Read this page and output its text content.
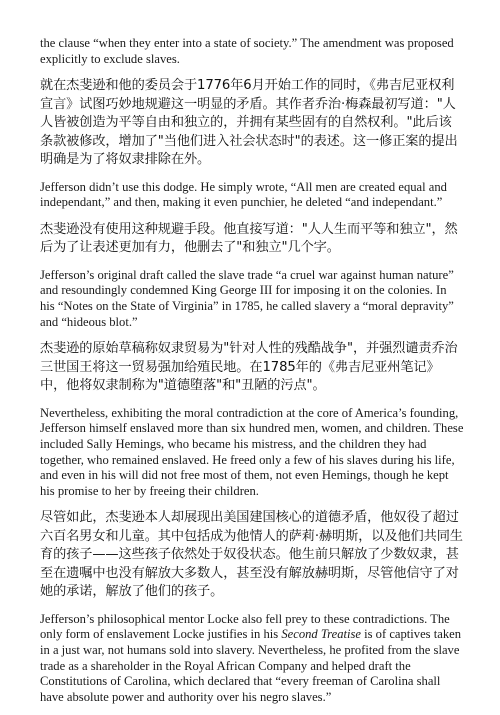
the clause “when they enter into a state of society.” The amendment was proposed explicitly to exclude slaves.

就在杰斐逊和他的委员会于1776年6月开始工作的同时，《弗吉尼亚权利宣言》试图巧妙地规避这一明显的矛盾。其作者乔治·梅森最初写道："人人皆被创造为平等自由和独立的，并拥有某些固有的自然权利。"此后该条款被修改，增加了"当他们进入社会状态时"的表述。这一修正案的提出明确是为了将奴隶排除在外。

Jefferson didn’t use this dodge. He simply wrote, “All men are created equal and independant,” and then, making it even punchier, he deleted “and independant.”

杰斐逊没有使用这种规避手段。他直接写道："人人生而平等和独立"，然后为了让表述更加有力，他删去了"和独立"几个字。

Jefferson’s original draft called the slave trade “a cruel war against human nature” and resoundingly condemned King George III for imposing it on the colonies. In his “Notes on the State of Virginia” in 1785, he called slavery a “moral depravity” and “hideous blot.”

杰斐逊的原始草稿称奴隶贸易为"针对人性的残酷战争"，并强烈谴责乔治三世国王将这一贸易强加给殖民地。在1785年的《弗吉尼亚州笔记》中，他将奴隶制称为"道德堕落"和"丑陋的污点"。

Nevertheless, exhibiting the moral contradiction at the core of America’s founding, Jefferson himself enslaved more than six hundred men, women, and children. These included Sally Hemings, who became his mistress, and the children they had together, who remained enslaved. He freed only a few of his slaves during his life, and even in his will did not free most of them, not even Hemings, though he kept his promise to her by freeing their children.

尽管如此，杰斐逊本人却展现出美国建国核心的道德矛盾，他奴役了超过六百名男女和儿童。其中包括成为他情人的萨莉·赫明斯，以及他们共同生育的孩子——这些孩子依然处于奴役状态。他生前只解放了少数奴隶，甚至在遗嘱中也没有解放大多数人，甚至没有解放赫明斯，尽管他信守了对她的承诺，解放了他们的孩子。

Jefferson’s philosophical mentor Locke also fell prey to these contradictions. The only form of enslavement Locke justifies in his Second Treatise is of captives taken in a just war, not humans sold into slavery. Nevertheless, he profited from the slave trade as a shareholder in the Royal African Company and helped draft the Constitutions of Carolina, which declared that “every freeman of Carolina shall have absolute power and authority over his negro slaves.”
